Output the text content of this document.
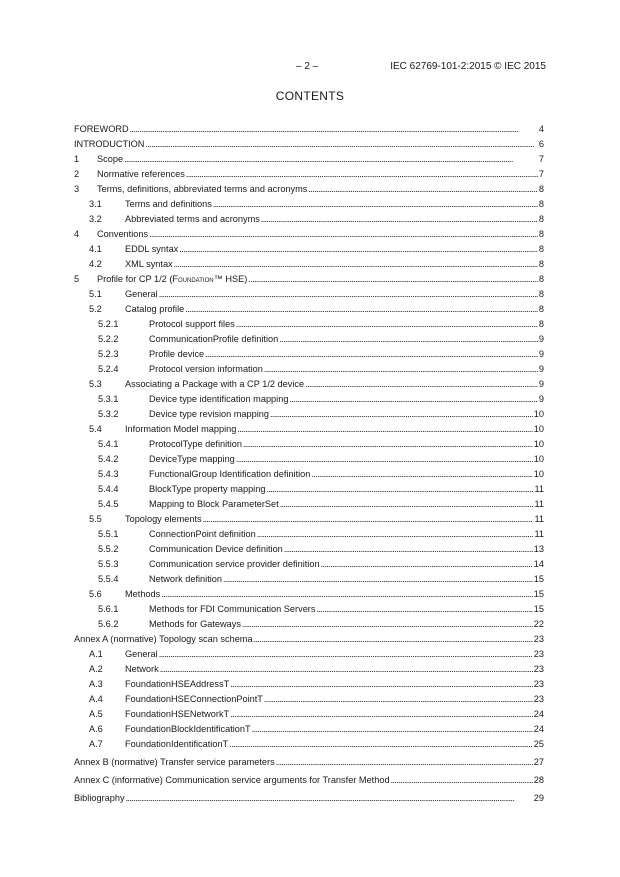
– 2 –	IEC 62769-101-2:2015 © IEC 2015
CONTENTS
FOREWORD . . .	4
INTRODUCTION . . .	6
1	Scope . . .	7
2	Normative references . . .	7
3	Terms, definitions, abbreviated terms and acronyms . . .	8
3.1	Terms and definitions . . .	8
3.2	Abbreviated terms and acronyms . . .	8
4	Conventions . . .	8
4.1	EDDL syntax . . .	8
4.2	XML syntax . . .	8
5	Profile for CP 1/2 (Foundation™ HSE) . . .	8
5.1	General . . .	8
5.2	Catalog profile . . .	8
5.2.1	Protocol support files . . .	8
5.2.2	CommunicationProfile definition . . .	9
5.2.3	Profile device . . .	9
5.2.4	Protocol version information . . .	9
5.3	Associating a Package with a CP 1/2 device . . .	9
5.3.1	Device type identification mapping . . .	9
5.3.2	Device type revision mapping . . .	10
5.4	Information Model mapping . . .	10
5.4.1	ProtocolType definition . . .	10
5.4.2	DeviceType mapping . . .	10
5.4.3	FunctionalGroup Identification definition . . .	10
5.4.4	BlockType property mapping . . .	11
5.4.5	Mapping to Block ParameterSet . . .	11
5.5	Topology elements . . .	11
5.5.1	ConnectionPoint definition . . .	11
5.5.2	Communication Device definition . . .	13
5.5.3	Communication service provider definition . . .	14
5.5.4	Network definition . . .	15
5.6	Methods . . .	15
5.6.1	Methods for FDI Communication Servers . . .	15
5.6.2	Methods for Gateways . . .	22
Annex A (normative) Topology scan schema . . .	23
A.1	General . . .	23
A.2	Network . . .	23
A.3	FoundationHSEAddressT . . .	23
A.4	FoundationHSEConnectionPointT . . .	23
A.5	FoundationHSENetworkT . . .	24
A.6	FoundationBlockIdentificationT . . .	24
A.7	FoundationIdentificationT . . .	25
Annex B (normative) Transfer service parameters . . .	27
Annex C (informative) Communication service arguments for Transfer Method . . .	28
Bibliography . . .	29
